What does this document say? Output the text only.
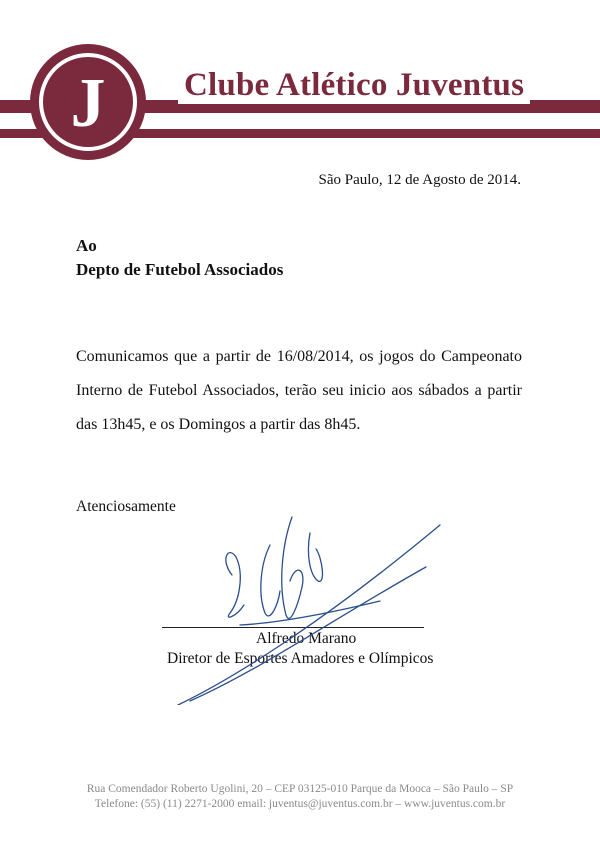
J Clube Atlético Juventus
São Paulo, 12 de Agosto de 2014.
Ao
Depto de Futebol Associados
Comunicamos que a partir de 16/08/2014, os jogos do Campeonato
Interno de Futebol Associados, terão seu inicio aos sábados a partir
das 13h45, e os Domingos a partir das 8h45.
Atenciosamente
Alfredo Marano
Diretor de Esportes Amadores e Olímpicos
Rua Comendador Roberto Ugolini, 20 – CEP 03125-010 Parque da Mooca – São Paulo – SP
Telefone: (55) (11) 2271-2000 email: juventus@juventus.com.br – www.juventus.com.br
